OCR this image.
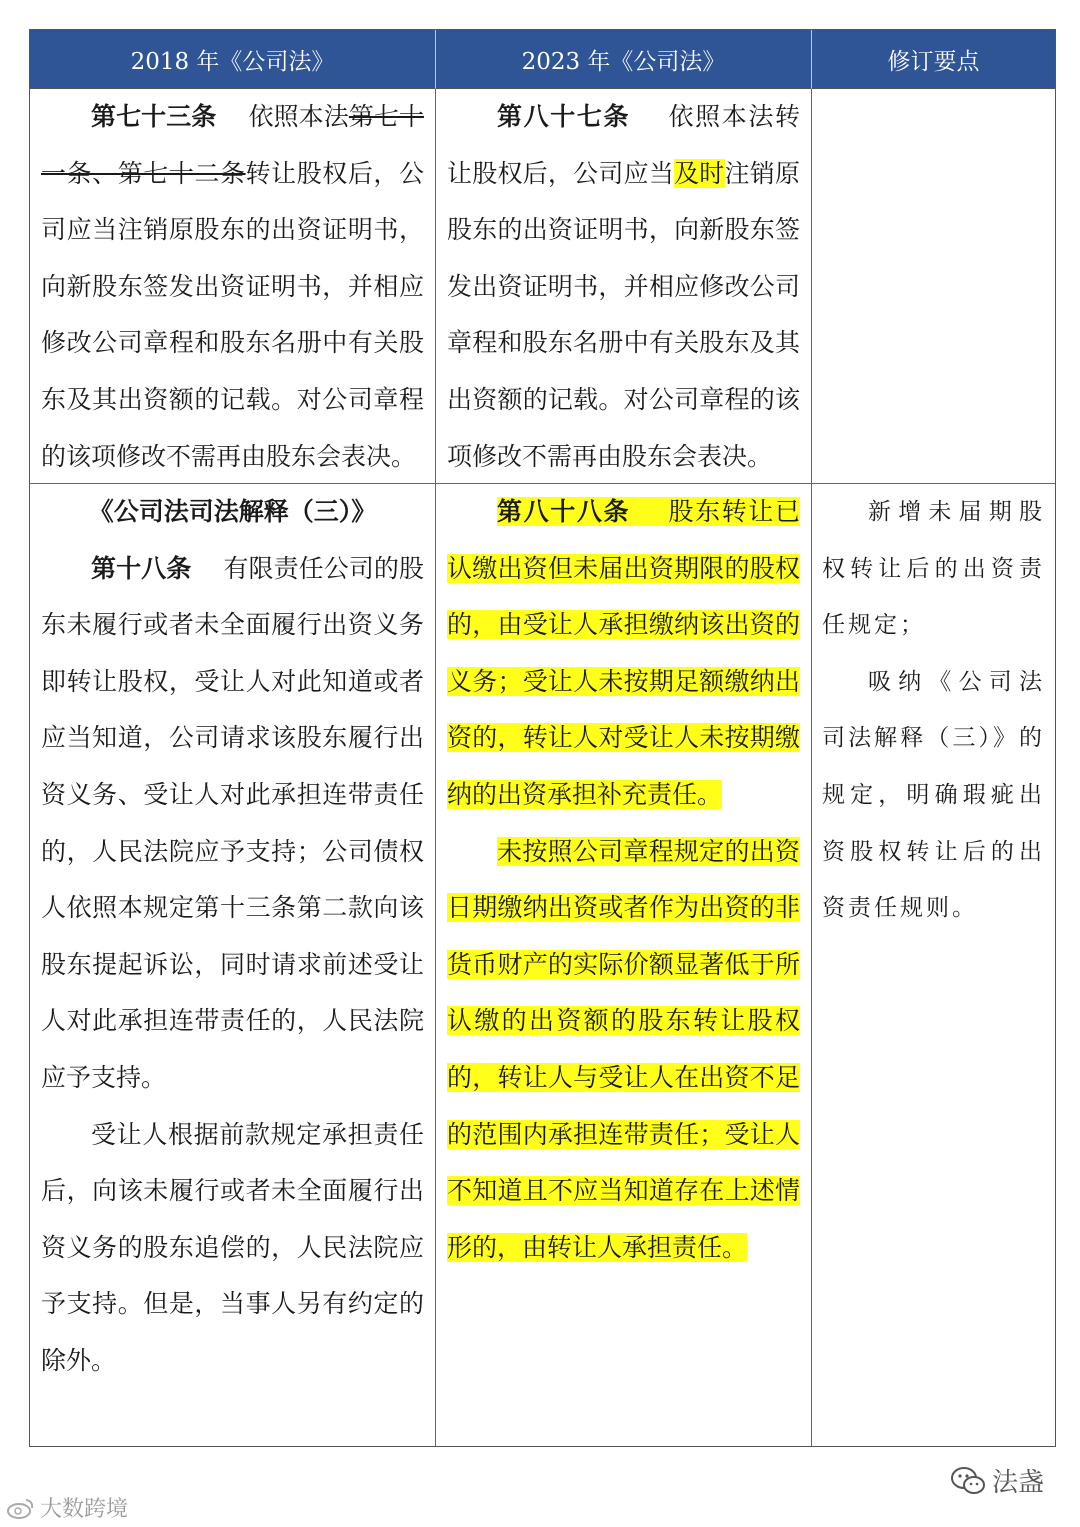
2018 年《公司法》	2023 年《公司法》	修订要点

第七十三条 依照本法第七十一条、第七十二条转让股权后，公司应当注销原股东的出资证明书，向新股东签发出资证明书，并相应修改公司章程和股东名册中有关股东及其出资额的记载。对公司章程的该项修改不需再由股东会表决。

第八十七条 依照本法转让股权后，公司应当及时注销原股东的出资证明书，向新股东签发出资证明书，并相应修改公司章程和股东名册中有关股东及其出资额的记载。对公司章程的该项修改不需再由股东会表决。

《公司法司法解释（三）》

第十八条 有限责任公司的股东未履行或者未全面履行出资义务即转让股权，受让人对此知道或者应当知道，公司请求该股东履行出资义务、受让人对此承担连带责任的，人民法院应予支持；公司债权人依照本规定第十三条第二款向该股东提起诉讼，同时请求前述受让人对此承担连带责任的，人民法院应予支持。

受让人根据前款规定承担责任后，向该未履行或者未全面履行出资义务的股东追偿的，人民法院应予支持。但是，当事人另有约定的除外。

第八十八条 股东转让已认缴出资但未届出资期限的股权的，由受让人承担缴纳该出资的义务；受让人未按期足额缴纳出资的，转让人对受让人未按期缴纳的出资承担补充责任。

未按照公司章程规定的出资日期缴纳出资或者作为出资的非货币财产的实际价额显著低于所认缴的出资额的股东转让股权的，转让人与受让人在出资不足的范围内承担连带责任；受让人不知道且不应当知道存在上述情形的，由转让人承担责任。

新增未届期股权转让后的出资责任规定；

吸纳《公司法司法解释（三）》的规定，明确瑕疵出资股权转让后的出资责任规则。

法盏
大数跨境
